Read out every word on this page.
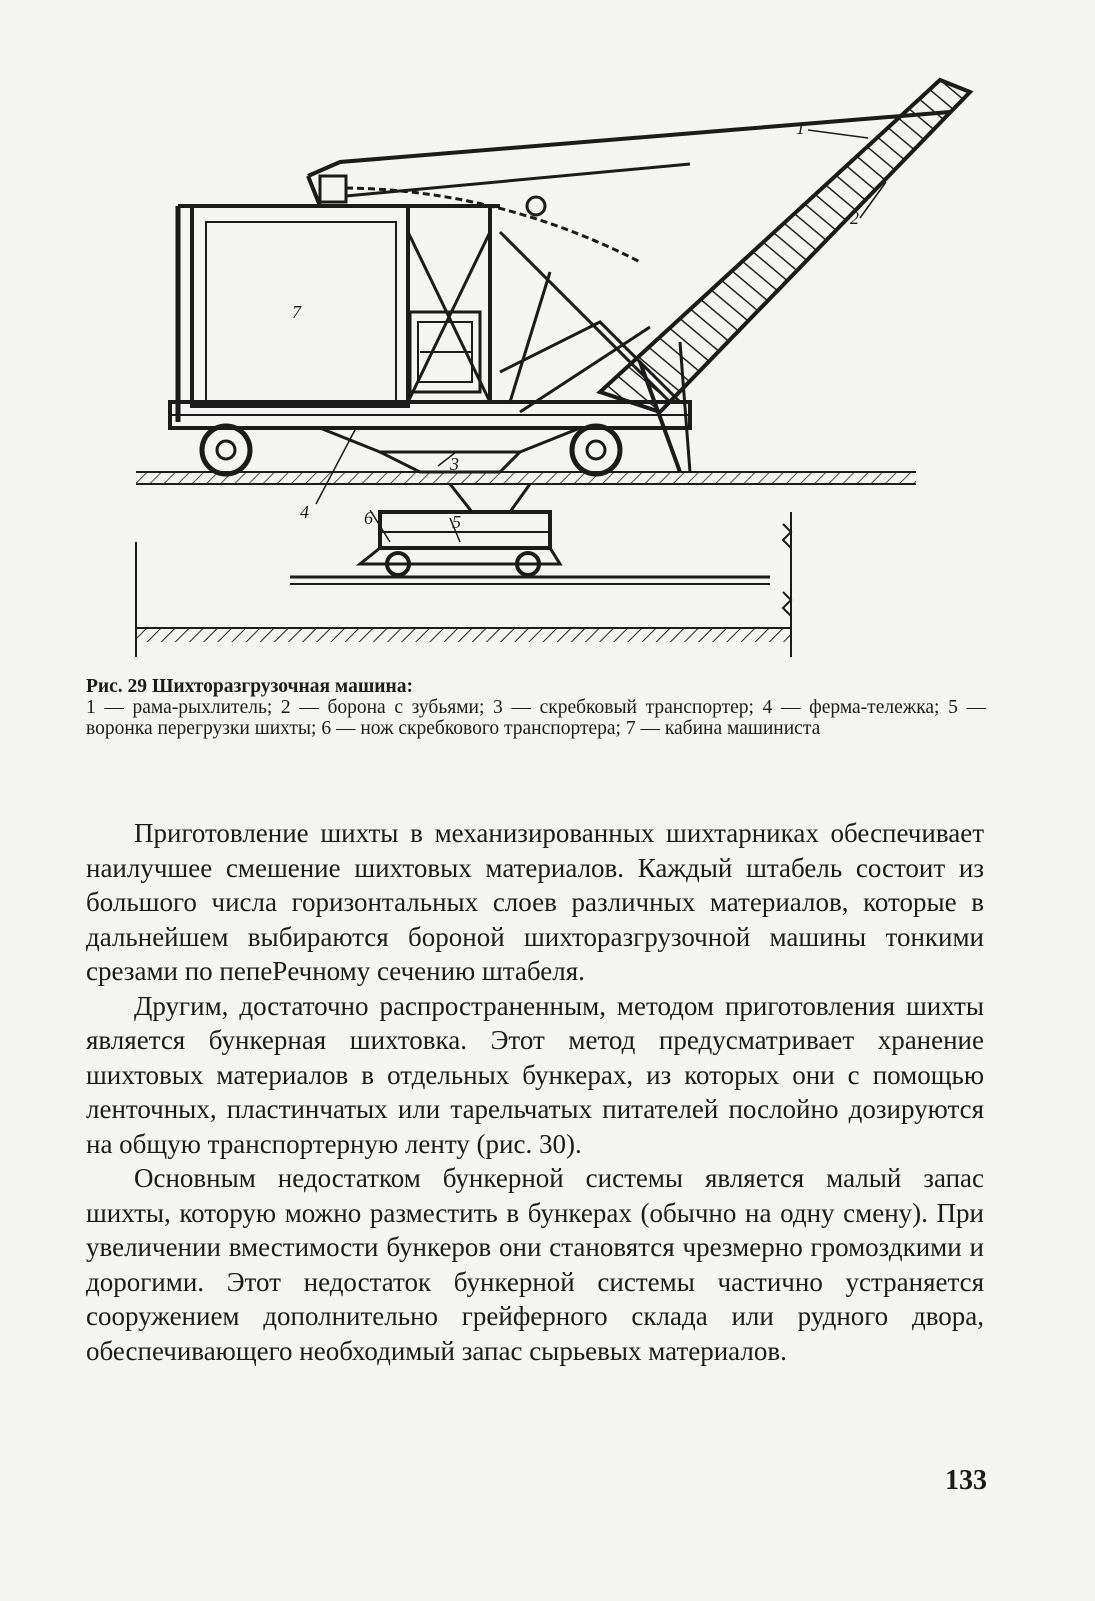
1
2
3
4	5
6
7
Рис. 29 Шихторазгрузочная машина:
1 — рама-рыхлитель; 2 — борона с зубьями; 3 — скребковый транспортер; 4 — ферма-тележка; 5 — воронка перегрузки шихты; 6 — нож скребкового транспортера; 7 — кабина машиниста

Приготовление шихты в механизированных шихтарниках обеспечивает наилучшее смешение шихтовых материалов. Каждый штабель состоит из большого числа горизонтальных слоев различных материалов, которые в дальнейшем выбираются бороной шихторазгрузочной машины тонкими срезами по пепеPечному сечению штабеля.

Другим, достаточно распространенным, методом приготовления шихты является бункерная шихтовка. Этот метод предусматривает хранение шихтовых материалов в отдельных бункерах, из которых они с помощью ленточных, пластинчатых или тарельчатых питателей послойно дозируются на общую транспортерную ленту (рис. 30).

Основным недостатком бункерной системы является малый запас шихты, которую можно разместить в бункерах (обычно на одну смену). При увеличении вместимости бункеров они становятся чрезмерно громоздкими и дорогими. Этот недостаток бункерной системы частично устраняется сооружением дополнительно грейферного склада или рудного двора, обеспечивающего необходимый запас сырьевых материалов.

133
